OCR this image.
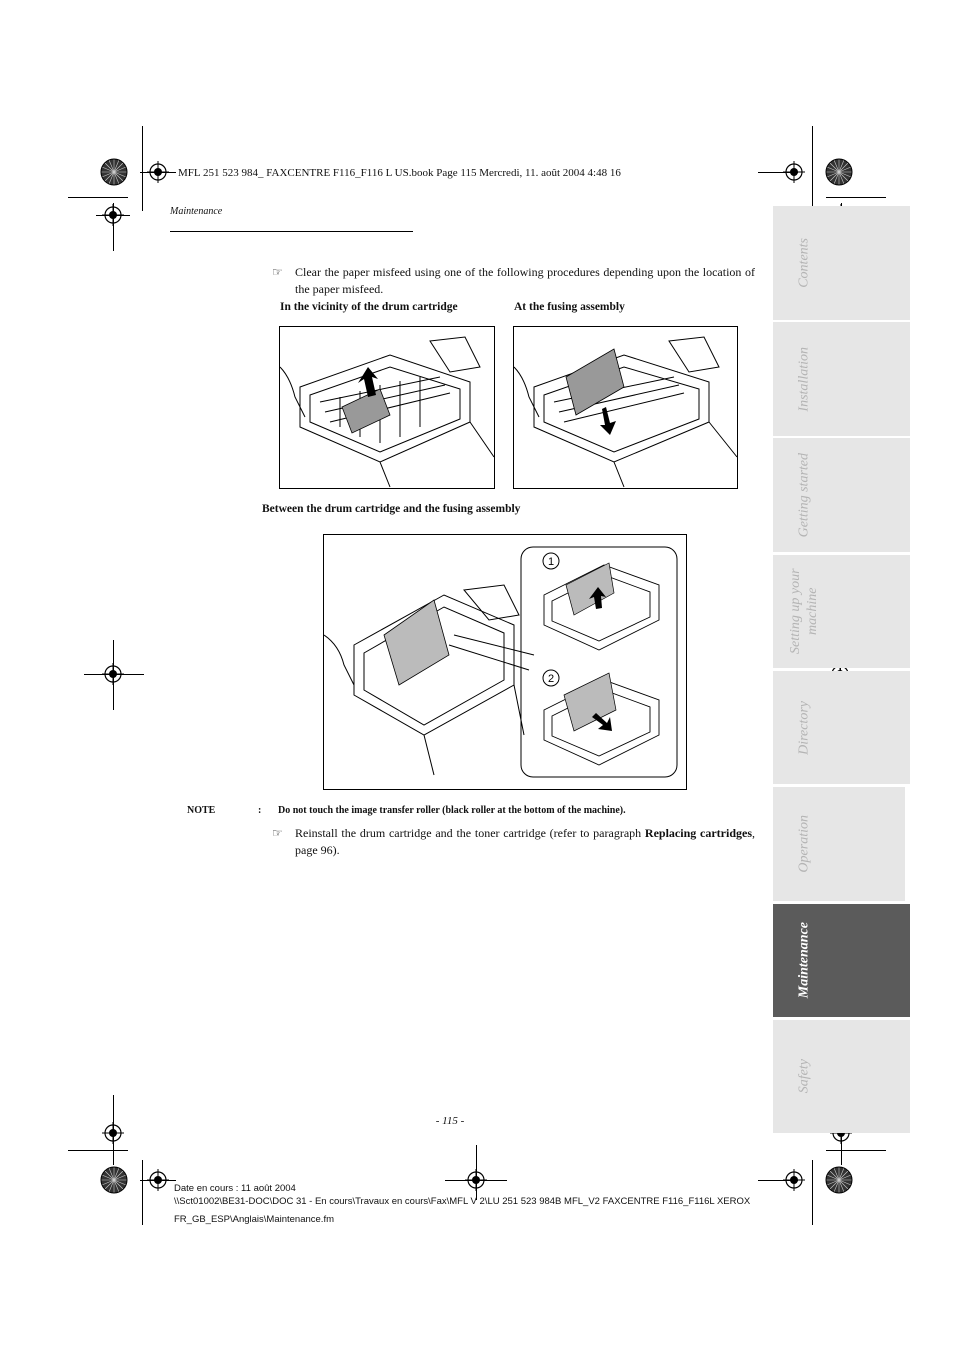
MFL 251 523 984_ FAXCENTRE F116_F116 L US.book Page 115 Mercredi, 11. août 2004 4:48 16
Maintenance
☞ Clear the paper misfeed using one of the following procedures depending upon the location of the paper misfeed.
In the vicinity of the drum cartridge	At the fusing assembly
Between the drum cartridge and the fusing assembly
1
2
NOTE	: Do not touch the image transfer roller (black roller at the bottom of the machine).
☞ Reinstall the drum cartridge and the toner cartridge (refer to paragraph Replacing cartridges, page 96).
- 115 -
Date en cours : 11 août 2004
\\Sct01002\BE31-DOC\DOC 31 - En cours\Travaux en cours\Fax\MFL V 2\LU 251 523 984B MFL_V2 FAXCENTRE F116_F116L XEROX
FR_GB_ESP\Anglais\Maintenance.fm
Contents
Installation
Getting started
Setting up your machine
Directory
Operation
Maintenance
Safety
